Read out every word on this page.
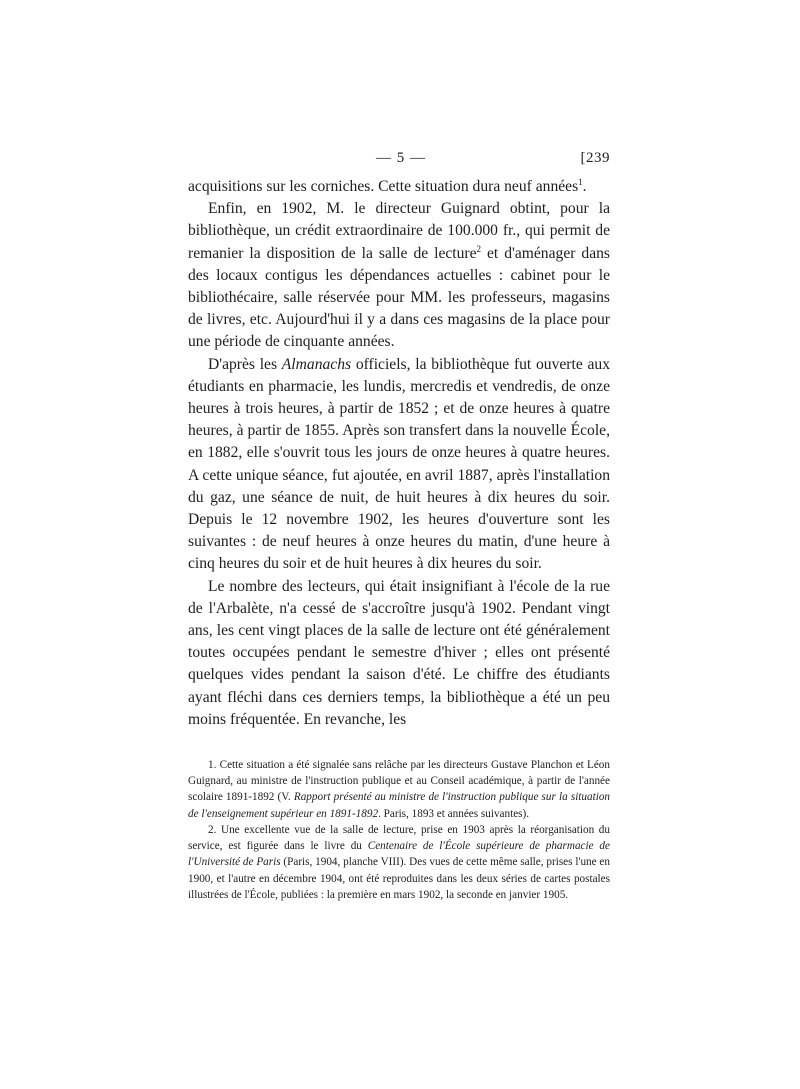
— 5 —	[239

acquisitions sur les corniches. Cette situation dura neuf années$^1$.

Enfin, en 1902, M. le directeur Guignard obtint, pour la bibliothèque, un crédit extraordinaire de 100.000 fr., qui permit de remanier la disposition de la salle de lecture$^2$ et d'aménager dans des locaux contigus les dépendances actuelles : cabinet pour le bibliothécaire, salle réservée pour MM. les professeurs, magasins de livres, etc. Aujourd'hui il y a dans ces magasins de la place pour une période de cinquante années.

D'après les Almanachs officiels, la bibliothèque fut ouverte aux étudiants en pharmacie, les lundis, mercredis et vendredis, de onze heures à trois heures, à partir de 1852 ; et de onze heures à quatre heures, à partir de 1855. Après son transfert dans la nouvelle École, en 1882, elle s'ouvrit tous les jours de onze heures à quatre heures. A cette unique séance, fut ajoutée, en avril 1887, après l'installation du gaz, une séance de nuit, de huit heures à dix heures du soir. Depuis le 12 novembre 1902, les heures d'ouverture sont les suivantes : de neuf heures à onze heures du matin, d'une heure à cinq heures du soir et de huit heures à dix heures du soir.

Le nombre des lecteurs, qui était insignifiant à l'école de la rue de l'Arbalète, n'a cessé de s'accroître jusqu'à 1902. Pendant vingt ans, les cent vingt places de la salle de lecture ont été généralement toutes occupées pendant le semestre d'hiver ; elles ont présenté quelques vides pendant la saison d'été. Le chiffre des étudiants ayant fléchi dans ces derniers temps, la bibliothèque a été un peu moins fréquentée. En revanche, les

1. Cette situation a été signalée sans relâche par les directeurs Gustave Planchon et Léon Guignard, au ministre de l'instruction publique et au Conseil académique, à partir de l'année scolaire 1891-1892 (V. Rapport présenté au ministre de l'instruction publique sur la situation de l'enseignement supérieur en 1891-1892. Paris, 1893 et années suivantes).

2. Une excellente vue de la salle de lecture, prise en 1903 après la réorganisation du service, est figurée dans le livre du Centenaire de l'École supérieure de pharmacie de l'Université de Paris (Paris, 1904, planche VIII). Des vues de cette même salle, prises l'une en 1900, et l'autre en décembre 1904, ont été reproduites dans les deux séries de cartes postales illustrées de l'École, publiées : la première en mars 1902, la seconde en janvier 1905.
